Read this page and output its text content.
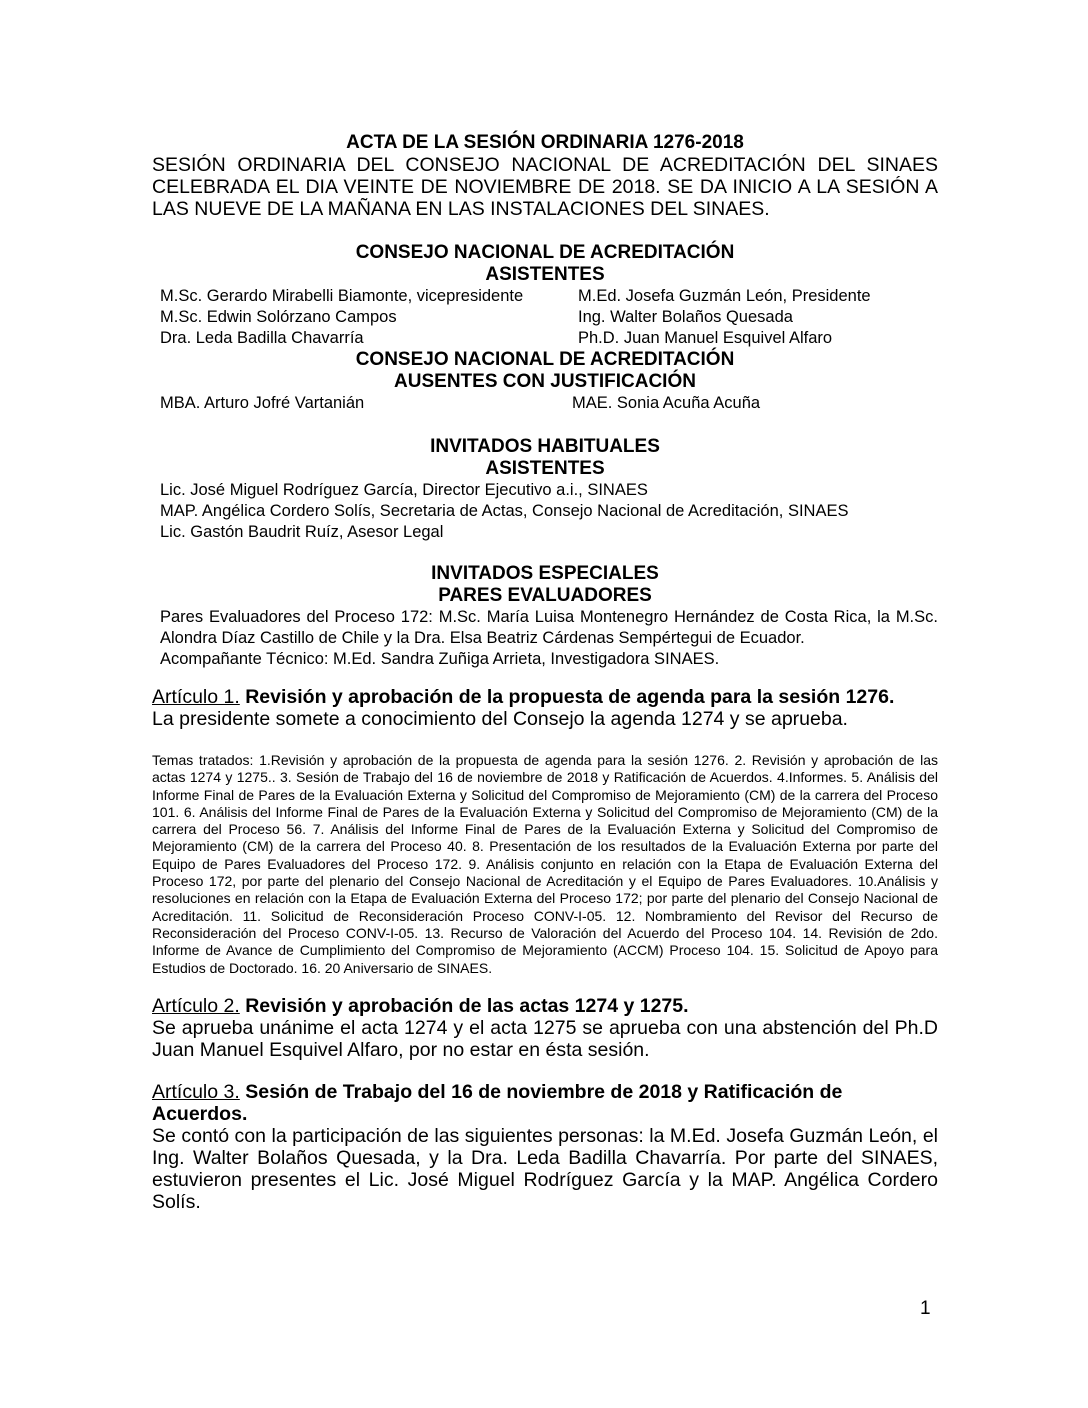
ACTA DE LA SESIÓN ORDINARIA 1276-2018
SESIÓN ORDINARIA DEL CONSEJO NACIONAL DE ACREDITACIÓN DEL SINAES CELEBRADA EL DIA VEINTE DE NOVIEMBRE DE 2018. SE DA INICIO A LA SESIÓN A LAS NUEVE DE LA MAÑANA EN LAS INSTALACIONES DEL SINAES.
CONSEJO NACIONAL DE ACREDITACIÓN
ASISTENTES
M.Sc. Gerardo Mirabelli Biamonte, vicepresidente	M.Ed. Josefa Guzmán León, Presidente
M.Sc. Edwin Solórzano Campos	Ing. Walter Bolaños Quesada
Dra. Leda Badilla Chavarría	Ph.D. Juan Manuel Esquivel Alfaro
CONSEJO NACIONAL DE ACREDITACIÓN
AUSENTES CON JUSTIFICACIÓN
MBA. Arturo Jofré Vartanián	MAE. Sonia Acuña Acuña
INVITADOS HABITUALES
ASISTENTES
Lic. José Miguel Rodríguez García, Director Ejecutivo a.i., SINAES
MAP. Angélica Cordero Solís, Secretaria de Actas, Consejo Nacional de Acreditación, SINAES
Lic. Gastón Baudrit Ruíz, Asesor Legal
INVITADOS ESPECIALES
PARES EVALUADORES
Pares Evaluadores del Proceso 172: M.Sc. María Luisa Montenegro Hernández de Costa Rica, la M.Sc. Alondra Díaz Castillo de Chile y la Dra. Elsa Beatriz Cárdenas Sempértegui de Ecuador.
Acompañante Técnico: M.Ed. Sandra Zuñiga Arrieta, Investigadora SINAES.
Artículo 1. Revisión y aprobación de la propuesta de agenda para la sesión 1276.
La presidente somete a conocimiento del Consejo la agenda 1274 y se aprueba.
Temas tratados: 1.Revisión y aprobación de la propuesta de agenda para la sesión 1276. 2. Revisión y aprobación de las actas 1274 y 1275.. 3. Sesión de Trabajo del 16 de noviembre de 2018 y Ratificación de Acuerdos. 4.Informes. 5. Análisis del Informe Final de Pares de la Evaluación Externa y Solicitud del Compromiso de Mejoramiento (CM) de la carrera del Proceso 101. 6. Análisis del Informe Final de Pares de la Evaluación Externa y Solicitud del Compromiso de Mejoramiento (CM) de la carrera del Proceso 56. 7. Análisis del Informe Final de Pares de la Evaluación Externa y Solicitud del Compromiso de Mejoramiento (CM) de la carrera del Proceso 40. 8. Presentación de los resultados de la Evaluación Externa por parte del Equipo de Pares Evaluadores del Proceso 172. 9. Análisis conjunto en relación con la Etapa de Evaluación Externa del Proceso 172, por parte del plenario del Consejo Nacional de Acreditación y el Equipo de Pares Evaluadores. 10.Análisis y resoluciones en relación con la Etapa de Evaluación Externa del Proceso 172; por parte del plenario del Consejo Nacional de Acreditación. 11. Solicitud de Reconsideración Proceso CONV-I-05. 12. Nombramiento del Revisor del Recurso de Reconsideración del Proceso CONV-I-05. 13. Recurso de Valoración del Acuerdo del Proceso 104. 14. Revisión de 2do. Informe de Avance de Cumplimiento del Compromiso de Mejoramiento (ACCM) Proceso 104. 15. Solicitud de Apoyo para Estudios de Doctorado. 16. 20 Aniversario de SINAES.
Artículo 2. Revisión y aprobación de las actas 1274 y 1275.
Se aprueba unánime el acta 1274 y el acta 1275 se aprueba con una abstención del Ph.D Juan Manuel Esquivel Alfaro, por no estar en ésta sesión.
Artículo 3. Sesión de Trabajo del 16 de noviembre de 2018 y Ratificación de Acuerdos.
Se contó con la participación de las siguientes personas: la M.Ed. Josefa Guzmán León, el Ing. Walter Bolaños Quesada, y la Dra. Leda Badilla Chavarría. Por parte del SINAES, estuvieron presentes el Lic. José Miguel Rodríguez García y la MAP. Angélica Cordero Solís.
1
